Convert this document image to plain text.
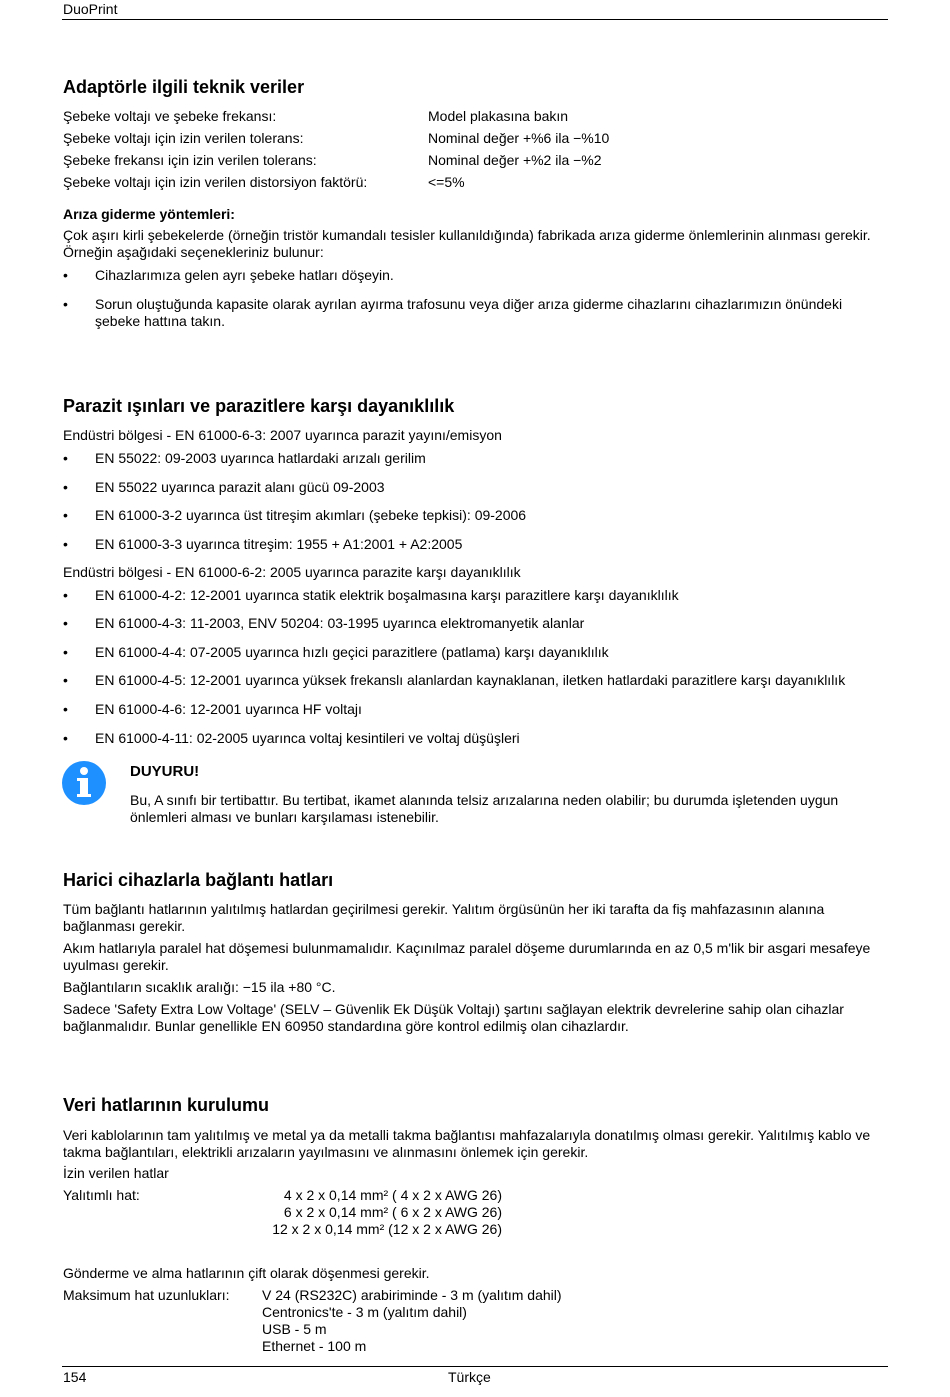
DuoPrint
Adaptörle ilgili teknik veriler
Şebeke voltajı ve şebeke frekansı:	Model plakasına bakın
Şebeke voltajı için izin verilen tolerans:	Nominal değer +%6 ila −%10
Şebeke frekansı için izin verilen tolerans:	Nominal değer +%2 ila −%2
Şebeke voltajı için izin verilen distorsiyon faktörü:	<=5%
Arıza giderme yöntemleri:
Çok aşırı kirli şebekelerde (örneğin tristör kumandalı tesisler kullanıldığında) fabrikada arıza giderme önlemlerinin alınması gerekir. Örneğin aşağıdaki seçenekleriniz bulunur:
• Cihazlarımıza gelen ayrı şebeke hatları döşeyin.
• Sorun oluştuğunda kapasite olarak ayrılan ayırma trafosunu veya diğer arıza giderme cihazlarını cihazlarımızın önündeki şebeke hattına takın.
Parazit ışınları ve parazitlere karşı dayanıklılık
Endüstri bölgesi - EN 61000-6-3: 2007 uyarınca parazit yayını/emisyon
• EN 55022: 09-2003 uyarınca hatlardaki arızalı gerilim
• EN 55022 uyarınca parazit alanı gücü 09-2003
• EN 61000-3-2 uyarınca üst titreşim akımları (şebeke tepkisi): 09-2006
• EN 61000-3-3 uyarınca titreşim: 1955 + A1:2001 + A2:2005
Endüstri bölgesi - EN 61000-6-2: 2005 uyarınca parazite karşı dayanıklılık
• EN 61000-4-2: 12-2001 uyarınca statik elektrik boşalmasına karşı parazitlere karşı dayanıklılık
• EN 61000-4-3: 11-2003, ENV 50204: 03-1995 uyarınca elektromanyetik alanlar
• EN 61000-4-4: 07-2005 uyarınca hızlı geçici parazitlere (patlama) karşı dayanıklılık
• EN 61000-4-5: 12-2001 uyarınca yüksek frekanslı alanlardan kaynaklanan, iletken hatlardaki parazitlere karşı dayanıklılık
• EN 61000-4-6: 12-2001 uyarınca HF voltajı
• EN 61000-4-11: 02-2005 uyarınca voltaj kesintileri ve voltaj düşüşleri
DUYURU!
Bu, A sınıfı bir tertibattır. Bu tertibat, ikamet alanında telsiz arızalarına neden olabilir; bu durumda işletenden uygun önlemleri alması ve bunları karşılaması istenebilir.
Harici cihazlarla bağlantı hatları
Tüm bağlantı hatlarının yalıtılmış hatlardan geçirilmesi gerekir. Yalıtım örgüsünün her iki tarafta da fiş mahfazasının alanına bağlanması gerekir.
Akım hatlarıyla paralel hat döşemesi bulunmamalıdır. Kaçınılmaz paralel döşeme durumlarında en az 0,5 m'lik bir asgari mesafeye uyulması gerekir.
Bağlantıların sıcaklık aralığı: −15 ila +80 °C.
Sadece 'Safety Extra Low Voltage' (SELV – Güvenlik Ek Düşük Voltajı) şartını sağlayan elektrik devrelerine sahip olan cihazlar bağlanmalıdır. Bunlar genellikle EN 60950 standardına göre kontrol edilmiş olan cihazlardır.
Veri hatlarının kurulumu
Veri kablolarının tam yalıtılmış ve metal ya da metalli takma bağlantısı mahfazalarıyla donatılmış olması gerekir. Yalıtılmış kablo ve takma bağlantıları, elektrikli arızaların yayılmasını ve alınmasını önlemek için gerekir.
İzin verilen hatlar
Yalıtımlı hat:	4 x 2 x 0,14 mm² ( 4 x 2 x AWG 26)
6 x 2 x 0,14 mm² ( 6 x 2 x AWG 26)
12 x 2 x 0,14 mm² (12 x 2 x AWG 26)
Gönderme ve alma hatlarının çift olarak döşenmesi gerekir.
Maksimum hat uzunlukları: V 24 (RS232C) arabiriminde - 3 m (yalıtım dahil)
Centronics'te - 3 m (yalıtım dahil)
USB - 5 m
Ethernet - 100 m
154	Türkçe
